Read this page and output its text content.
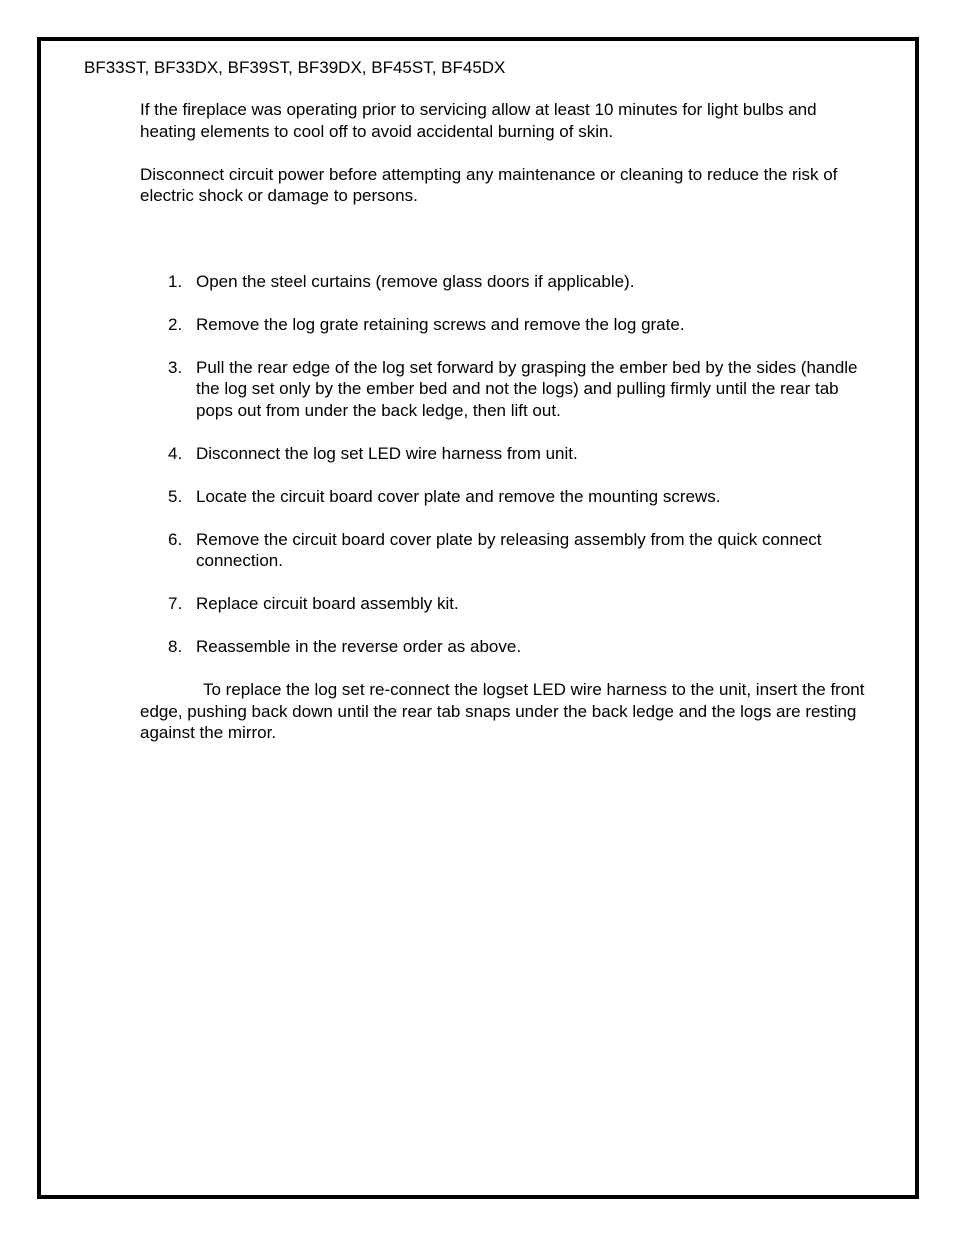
BF33ST, BF33DX, BF39ST, BF39DX, BF45ST, BF45DX

If the fireplace was operating prior to servicing allow at least 10 minutes for light bulbs and heating elements to cool off to avoid accidental burning of skin.

Disconnect circuit power before attempting any maintenance or cleaning to reduce the risk of electric shock or damage to persons.

1. Open the steel curtains (remove glass doors if applicable).
2. Remove the log grate retaining screws and remove the log grate.
3. Pull the rear edge of the log set forward by grasping the ember bed by the sides (handle the log set only by the ember bed and not the logs) and pulling firmly until the rear tab pops out from under the back ledge, then lift out.
4. Disconnect the log set LED wire harness from unit.
5. Locate the circuit board cover plate and remove the mounting screws.
6. Remove the circuit board cover plate by releasing assembly from the quick connect connection.
7. Replace circuit board assembly kit.
8. Reassemble in the reverse order as above.

To replace the log set re-connect the logset LED wire harness to the unit, insert the front edge, pushing back down until the rear tab snaps under the back ledge and the logs are resting against the mirror.
